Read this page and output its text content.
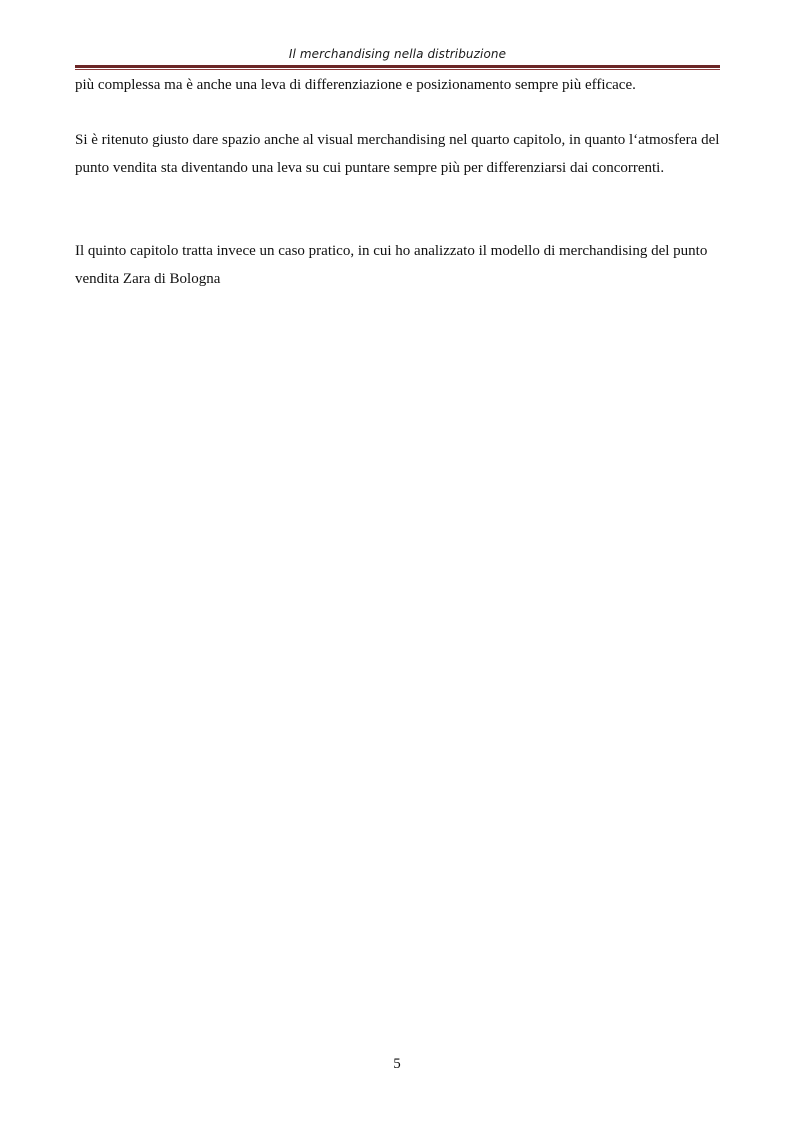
Il merchandising nella distribuzione

più complessa ma è anche una leva di differenziazione e posizionamento sempre più efficace.

Si è ritenuto giusto dare spazio anche al visual merchandising nel quarto capitolo, in quanto l‘atmosfera del punto vendita sta diventando una leva su cui puntare sempre più per differenziarsi dai concorrenti.

Il quinto capitolo tratta invece un caso pratico, in cui ho analizzato il modello di merchandising del punto vendita Zara di Bologna

5
